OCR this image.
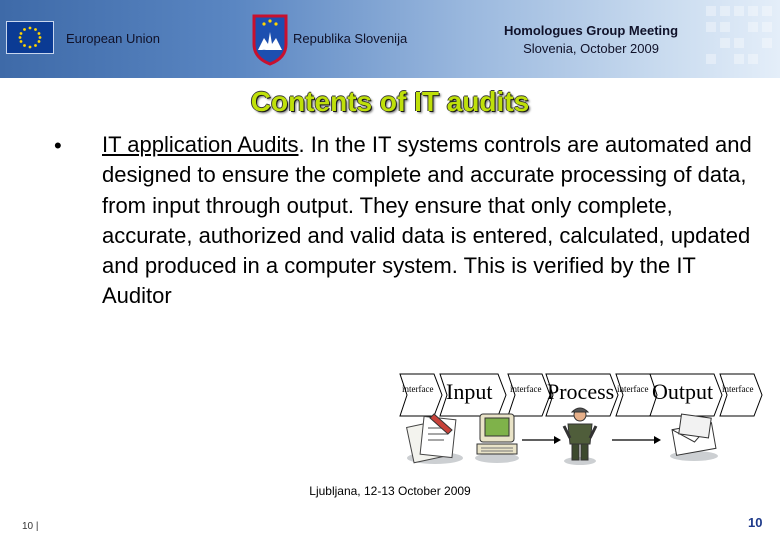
European Union	Republika Slovenija
Homologues Group Meeting
Slovenia, October 2009
Contents of IT audits
• IT application Audits. In the IT systems controls are automated and designed to ensure the complete and accurate processing of data, from input through output. They ensure that only complete, accurate, authorized and valid data is entered, calculated, updated and produced in a computer system. This is verified by the IT Auditor
interface Input interface Process interface Output interface
Ljubljana, 12-13 October 2009
10 |	10
